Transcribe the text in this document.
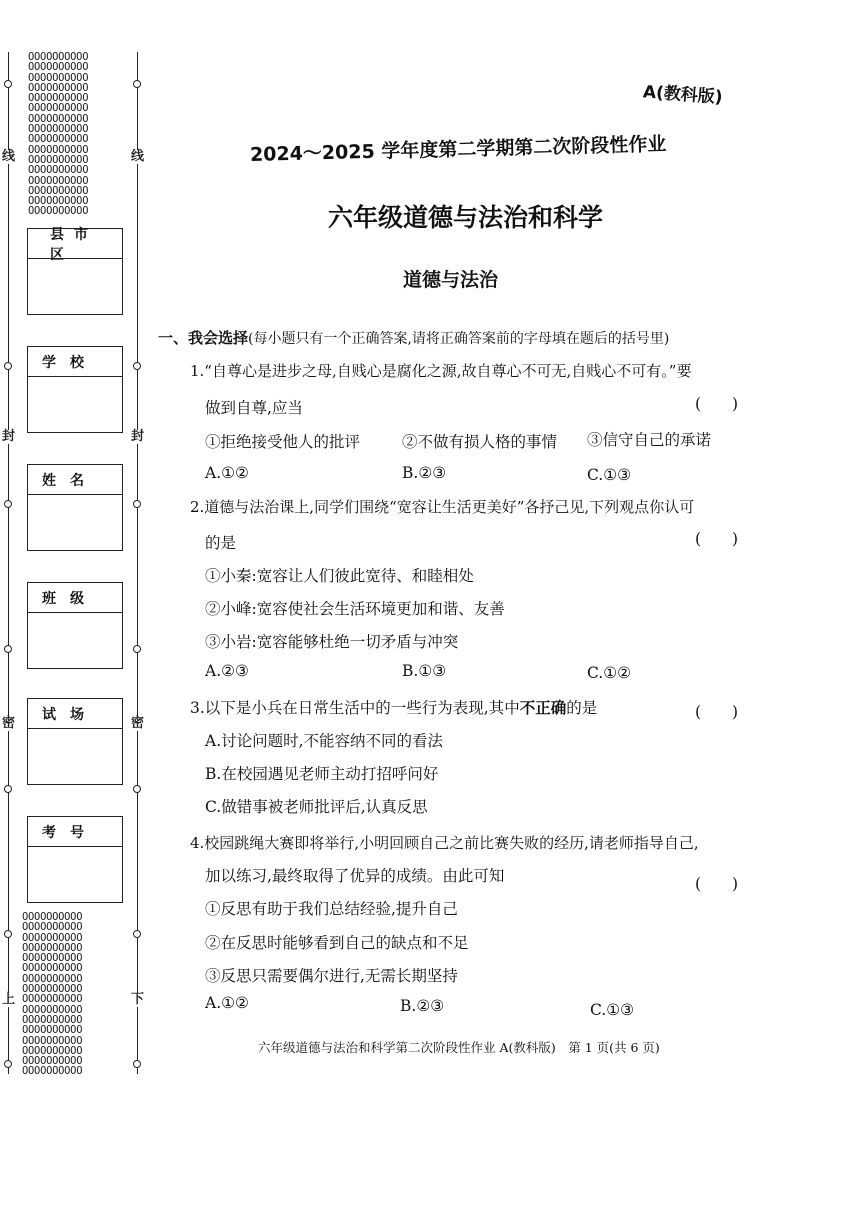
OOOOOOOOOO
OOOOOOOOOO
OOOOOOOOOO
OOOOOOOOOO
OOOOOOOOOO
OOOOOOOOOO
OOOOOOOOOO
OOOOOOOOOO
OOOOOOOOOO
OOOOOOOOOO
OOOOOOOOOO
OOOOOOOOOO
OOOOOOOOOO
OOOOOOOOOO
OOOOOOOOOO
OOOOOOOOOO
OOOOOOOOOO
OOOOOOOOOO
OOOOOOOOOO
OOOOOOOOOO
OOOOOOOOOO
OOOOOOOOOO
OOOOOOOOOO
OOOOOOOOOO
OOOOOOOOOO
OOOOOOOOOO
OOOOOOOOOO
OOOOOOOOOO
OOOOOOOOOO
OOOOOOOOOO
OOOOOOOOOO
OOOOOOOOOO
线
封
密
上
线
封
密
下
县市区
学　校
姓　名
班　级
试　场
考　号
A(教科版)
2024～2025 学年度第二学期第二次阶段性作业
六年级道德与法治和科学
道德与法治
一、我会选择(每小题只有一个正确答案,请将正确答案前的字母填在题后的括号里)
1.“自尊心是进步之母,自贱心是腐化之源,故自尊心不可无,自贱心不可有。”要
做到自尊,应当	(　　)
①拒绝接受他人的批评	②不做有损人格的事情 ③信守自己的承诺
A.①②	B.②③	C.①③
2.道德与法治课上,同学们围绕“宽容让生活更美好”各抒己见,下列观点你认可
的是	(　　)
①小秦:宽容让人们彼此宽待、和睦相处
②小峰:宽容使社会生活环境更加和谐、友善
③小岩:宽容能够杜绝一切矛盾与冲突
A.②③	B.①③	C.①②
3.以下是小兵在日常生活中的一些行为表现,其中不正确的是	(　　)
A.讨论问题时,不能容纳不同的看法
B.在校园遇见老师主动打招呼问好
C.做错事被老师批评后,认真反思
4.校园跳绳大赛即将举行,小明回顾自己之前比赛失败的经历,请老师指导自己,
加以练习,最终取得了优异的成绩。由此可知	(　　)
①反思有助于我们总结经验,提升自己
②在反思时能够看到自己的缺点和不足
③反思只需要偶尔进行,无需长期坚持
A.①②	B.②③	C.①③
六年级道德与法治和科学第二次阶段性作业 A(教科版)　第 1 页(共 6 页)
